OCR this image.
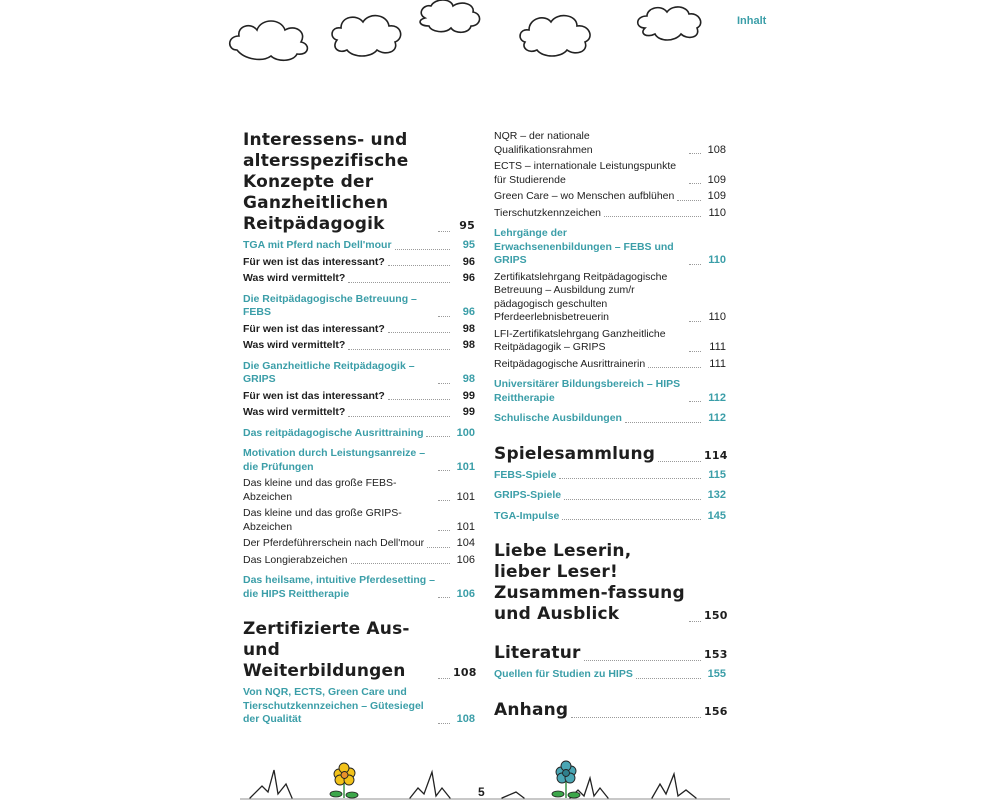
Inhalt
Interessens- und altersspezifische Konzepte der Ganzheitlichen Reitpädagogik	95
TGA mit Pferd nach Dell'mour	95
Für wen ist das interessant?	96
Was wird vermittelt?	96
Die Reitpädagogische Betreuung – FEBS	96
Für wen ist das interessant?	98
Was wird vermittelt?	98
Die Ganzheitliche Reitpädagogik – GRIPS	98
Für wen ist das interessant?	99
Was wird vermittelt?	99
Das reitpädagogische Ausrittraining	100
Motivation durch Leistungsanreize – die Prüfungen	101
Das kleine und das große FEBS-Abzeichen	101
Das kleine und das große GRIPS-Abzeichen	101
Der Pferdeführerschein nach Dell'mour	104
Das Longierabzeichen	106
Das heilsame, intuitive Pferdesetting – die HIPS Reittherapie	106
Zertifizierte Aus- und Weiterbildungen	108
Von NQR, ECTS, Green Care und Tierschutzkennzeichen – Gütesiegel der Qualität	108
NQR – der nationale Qualifikationsrahmen	108
ECTS – internationale Leistungspunkte für Studierende	109
Green Care – wo Menschen aufblühen	109
Tierschutzkennzeichen	110
Lehrgänge der Erwachsenenbildungen – FEBS und GRIPS	110
Zertifikatslehrgang Reitpädagogische Betreuung – Ausbildung zum/r pädagogisch geschulten Pferdeerlebnisbetreuerin	110
LFI-Zertifikatslehrgang Ganzheitliche Reitpädagogik – GRIPS	111
Reitpädagogische Ausrittrainerin	111
Universitärer Bildungsbereich – HIPS Reittherapie	112
Schulische Ausbildungen	112
Spielesammlung	114
FEBS-Spiele	115
GRIPS-Spiele	132
TGA-Impulse	145
Liebe Leserin, lieber Leser! Zusammen-fassung und Ausblick	150
Literatur	153
Quellen für Studien zu HIPS	155
Anhang	156
5
